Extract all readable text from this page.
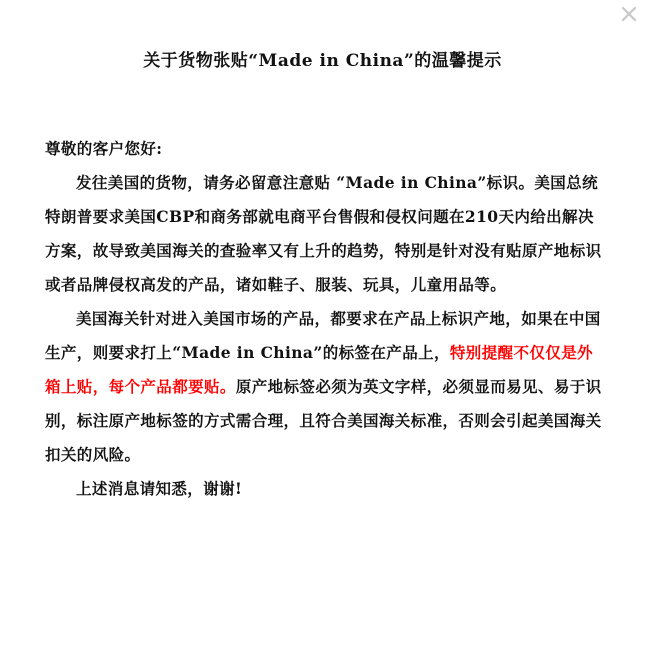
关于货物张贴“Made in China”的温馨提示

尊敬的客户您好:

发往美国的货物，请务必留意注意贴 “Made in China”标识。美国总统特朗普要求美国CBP和商务部就电商平台售假和侵权问题在210天内给出解决方案，故导致美国海关的查验率又有上升的趋势，特别是针对没有贴原产地标识或者品牌侵权高发的产品，诸如鞋子、服装、玩具，儿童用品等。

美国海关针对进入美国市场的产品，都要求在产品上标识产地，如果在中国生产，则要求打上“Made in China”的标签在产品上，特别提醒不仅仅是外箱上贴，每个产品都要贴。原产地标签必须为英文字样，必须显而易见、易于识别，标注原产地标签的方式需合理，且符合美国海关标准，否则会引起美国海关扣关的风险。

上述消息请知悉，谢谢!
